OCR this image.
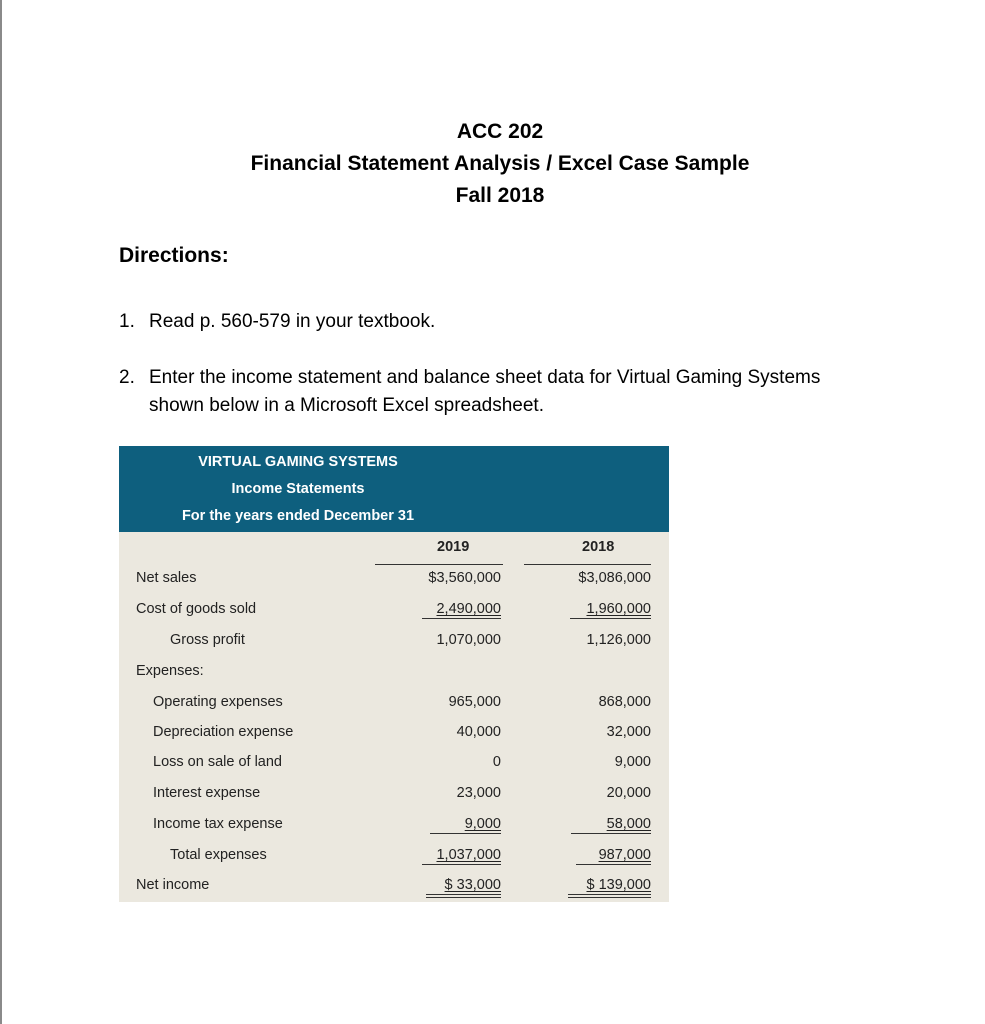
ACC 202
Financial Statement Analysis / Excel Case Sample
Fall 2018
Directions:
1. Read p. 560-579 in your textbook.
2. Enter the income statement and balance sheet data for Virtual Gaming Systems shown below in a Microsoft Excel spreadsheet.
VIRTUAL GAMING SYSTEMS
Income Statements
For the years ended December 31
2019	2018
Net sales	$3,560,000	$3,086,000
Cost of goods sold	2,490,000	1,960,000
Gross profit	1,070,000	1,126,000
Expenses:
Operating expenses	965,000	868,000
Depreciation expense	40,000	32,000
Loss on sale of land	0	9,000
Interest expense	23,000	20,000
Income tax expense	9,000	58,000
Total expenses	1,037,000	987,000
Net income	$ 33,000	$ 139,000
